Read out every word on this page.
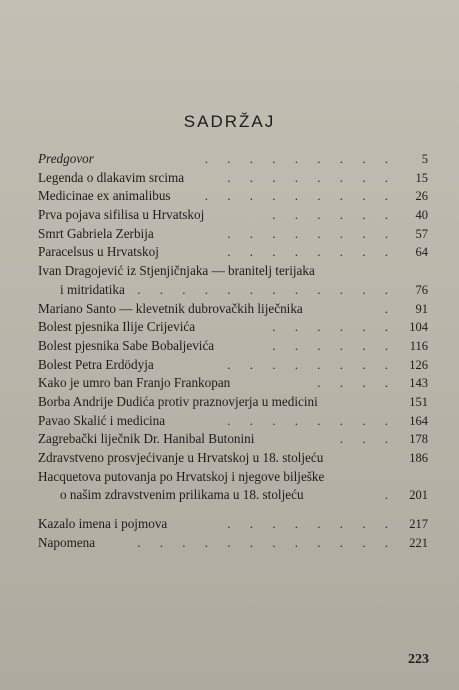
SADRŽAJ
Predgovor	. . . . . . . . . 5
Legenda o dlakavim srcima	. . . . . . . . 15
Medicinae ex animalibus	. . . . . . . . . 26
Prva pojava sifilisa u Hrvatskoj	. . . . . . 40
Smrt Gabriela Zerbija	. . . . . . . . 57
Paracelsus u Hrvatskoj	. . . . . . . . 64
Ivan Dragojević iz Stjenjičnjaka — branitelj terijaka
i mitridatika . . . . . . . . . . . . 76
Mariano Santo — klevetnik dubrovačkih liječnika	. 91
Bolest pjesnika Ilije Crijevića	. . . . . . 104
Bolest pjesnika Sabe Bobaljevića	. . . . . . 116
Bolest Petra Erdödyja	. . . . . . . . 126
Kako je umro ban Franjo Frankopan	. . . . 143
Borba Andrije Dudića protiv praznovjerja u medicini	151
Pavao Skalić i medicina	. . . . . . . . 164
Zagrebački liječnik Dr. Hanibal Butonini	. . . 178
Zdravstveno prosvjećivanje u Hrvatskoj u 18. stoljeću	186
Hacquetova putovanja po Hrvatskoj i njegove bilješke
o našim zdravstvenim prilikama u 18. stoljeću	. 201
Kazalo imena i pojmova	. . . . . . . . 217
Napomena	. . . . . . . . . . . . 221
223
